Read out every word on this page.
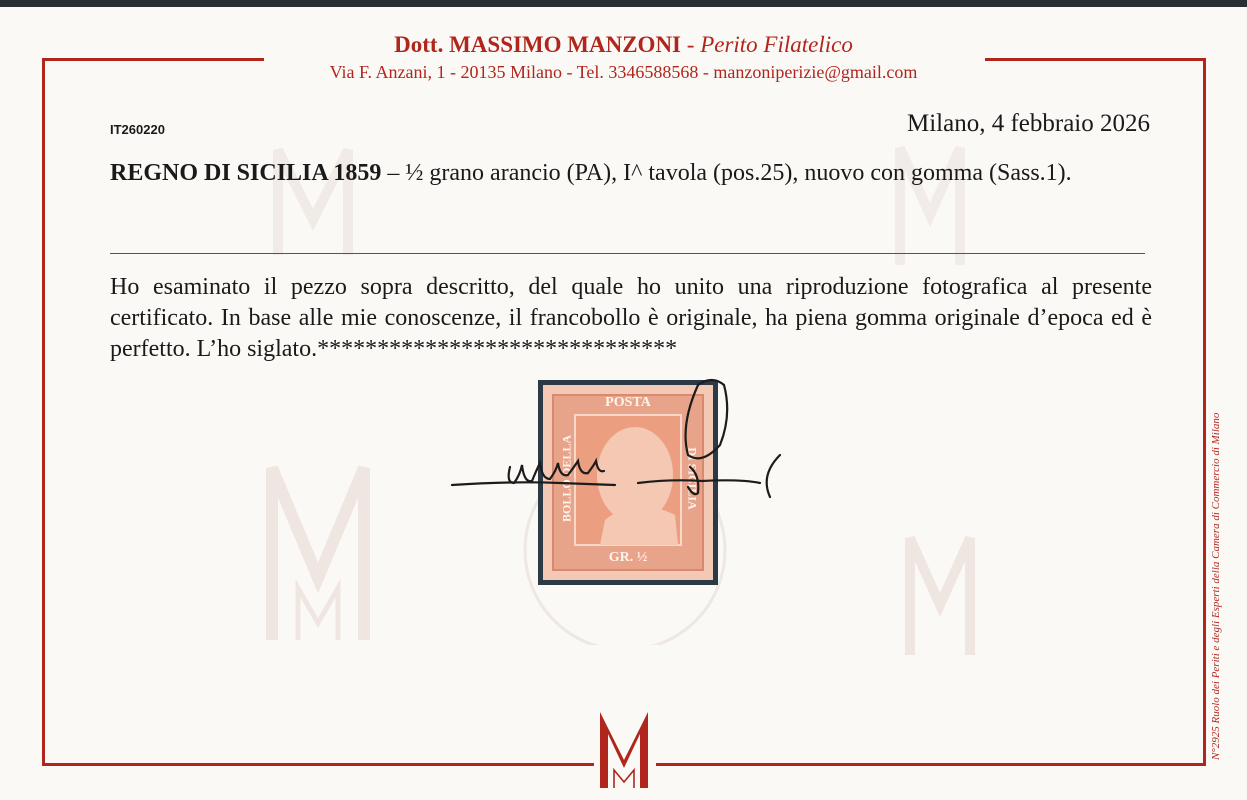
Dott. MASSIMO MANZONI - Perito Filatelico
Via F. Anzani, 1 - 20135 Milano - Tel. 3346588568 - manzoniperizie@gmail.com
IT260220	Milano, 4 febbraio 2026
REGNO DI SICILIA 1859 – ½ grano arancio (PA), I^ tavola (pos.25), nuovo con gomma (Sass.1).
Ho esaminato il pezzo sopra descritto, del quale ho unito una riproduzione fotografica al presente certificato. In base alle mie conoscenze, il francobollo è originale, ha piena gomma originale d’epoca ed è perfetto. L’ho siglato.******************************
POSTA
BOLLO DELLA	DI SICILIA
GR. ½	N°2925 Ruolo dei Periti e degli Esperti della Camera di Commercio di Milano
